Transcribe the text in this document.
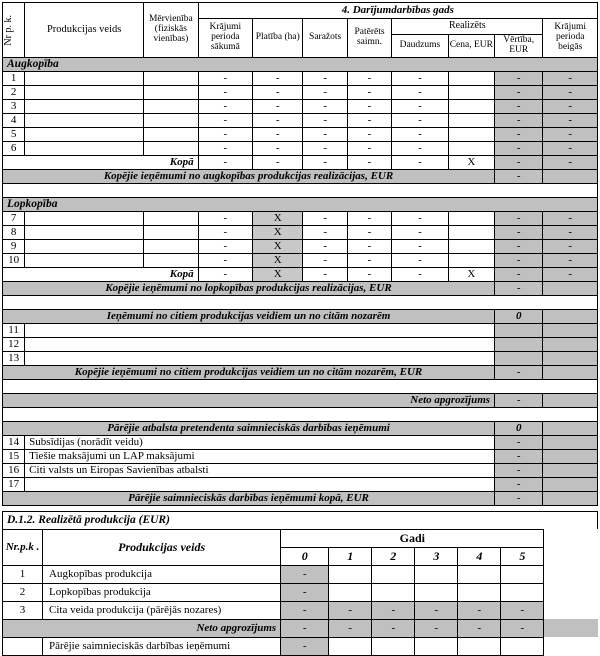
Nr p. k.	Produkcijas veids	Mērvienība (fiziskās vienības)	4. Darījumdarbības gads							
			Krājumi perioda sākumā	Platība (ha)	Saražots	Patērēts saimn.	Realizēts			Krājumi perioda beigās
							Daudzums	Cena, EUR	Vērtība, EUR	

Augkopība										
1			-	-	-	-	-		-	-
2			-	-	-	-	-		-	-
3			-	-	-	-	-		-	-
4			-	-	-	-	-		-	-
5			-	-	-	-	-		-	-
6			-	-	-	-	-		-	-
Kopā			-	-	-	-	-	X	-	-
Kopējie ieņēmumi no augkopības produkcijas realizācijas, EUR									-	

Lopkopība										
7			-	X	-	-	-		-	-
8			-	X	-	-	-		-	-
9			-	X	-	-	-		-	-
10			-	X	-	-	-		-	-
Kopā			-	X	-	-	-	X	-	-
Kopējie ieņēmumi no lopkopības produkcijas realizācijas, EUR									-	

Ieņēmumi no citiem produkcijas veidiem un no citām nozarēm									0	
11										
12										
13										
Kopējie ieņēmumi no citiem produkcijas veidiem un no citām nozarēm, EUR									-	

Neto apgrozījums									-	

Pārējie atbalsta pretendenta saimnieciskās darbības ieņēmumi									0	
14	Subsīdijas (norādīt veidu)								-	
15	Tiešie maksājumi un LAP maksājumi								-	
16	Citi valsts un Eiropas Savienības atbalsti								-	
17									-	
Pārējie saimnieciskās darbības ieņēmumi kopā, EUR									-	
D.1.2. Realizētā produkcija (EUR)
Nr.p.k .	Produkcijas veids	Gadi						
		0	1	2	3	4	5	
1	Augkopības produkcija	-						
2	Lopkopības produkcija	-						
3	Cita veida produkcija (pārējās nozares)	-	-	-	-	-	-	
Neto apgrozījums		-	-	-	-	-	-	
	Pārējie saimnieciskās darbības ieņēmumi	-						
